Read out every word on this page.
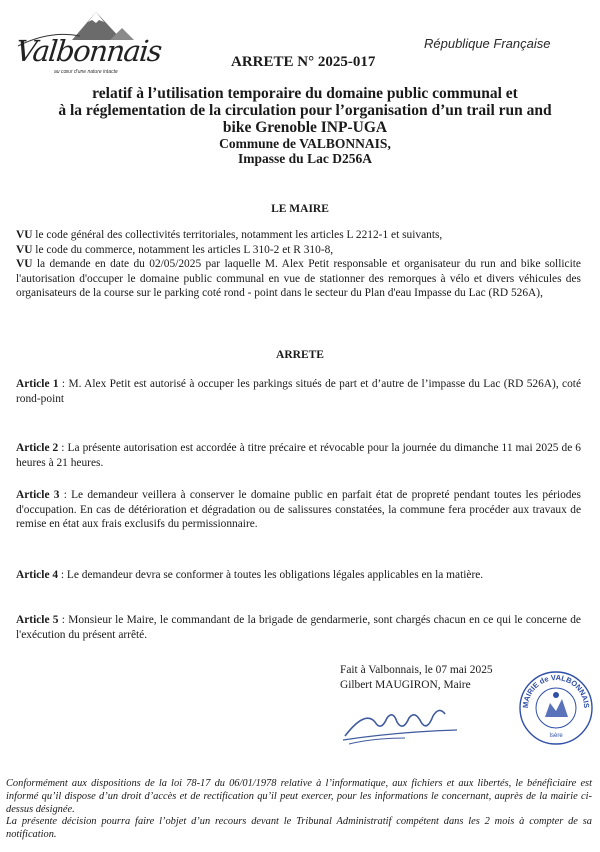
Valbonnais
au cœur d'une nature intacte
République Française
ARRETE N° 2025-017
relatif à l’utilisation temporaire du domaine public communal et
à la réglementation de la circulation pour l’organisation d’un trail run and
bike Grenoble INP-UGA
Commune de VALBONNAIS,
Impasse du Lac D256A
LE MAIRE
VU le code général des collectivités territoriales, notamment les articles L 2212-1 et suivants,
VU le code du commerce, notamment les articles L 310-2 et R 310-8,
VU la demande en date du 02/05/2025 par laquelle M. Alex Petit responsable et organisateur du run and bike sollicite l'autorisation d'occuper le domaine public communal en vue de stationner des remorques à vélo et divers véhicules des organisateurs de la course sur le parking coté rond - point dans le secteur du Plan d'eau Impasse du Lac (RD 526A),
ARRETE
Article 1 : M. Alex Petit est autorisé à occuper les parkings situés de part et d’autre de l’impasse du Lac (RD 526A), coté rond-point
Article 2 : La présente autorisation est accordée à titre précaire et révocable pour la journée du dimanche 11 mai 2025 de 6 heures à 21 heures.
Article 3 : Le demandeur veillera à conserver le domaine public en parfait état de propreté pendant toutes les périodes d'occupation. En cas de détérioration et dégradation ou de salissures constatées, la commune fera procéder aux travaux de remise en état aux frais exclusifs du permissionnaire.
Article 4 : Le demandeur devra se conformer à toutes les obligations légales applicables en la matière.
Article 5 : Monsieur le Maire, le commandant de la brigade de gendarmerie, sont chargés chacun en ce qui le concerne de l'exécution du présent arrêté.
Fait à Valbonnais, le 07 mai 2025
Gilbert MAUGIRON, Maire
MAIRIE de VALBONNAIS
Isère
Conformément aux dispositions de la loi 78-17 du 06/01/1978 relative à l’informatique, aux fichiers et aux libertés, le bénéficiaire est informé qu’il dispose d’un droit d’accès et de rectification qu’il peut exercer, pour les informations le concernant, auprès de la mairie ci-dessus désignée.
La présente décision pourra faire l’objet d’un recours devant le Tribunal Administratif compétent dans les 2 mois à compter de sa notification.
